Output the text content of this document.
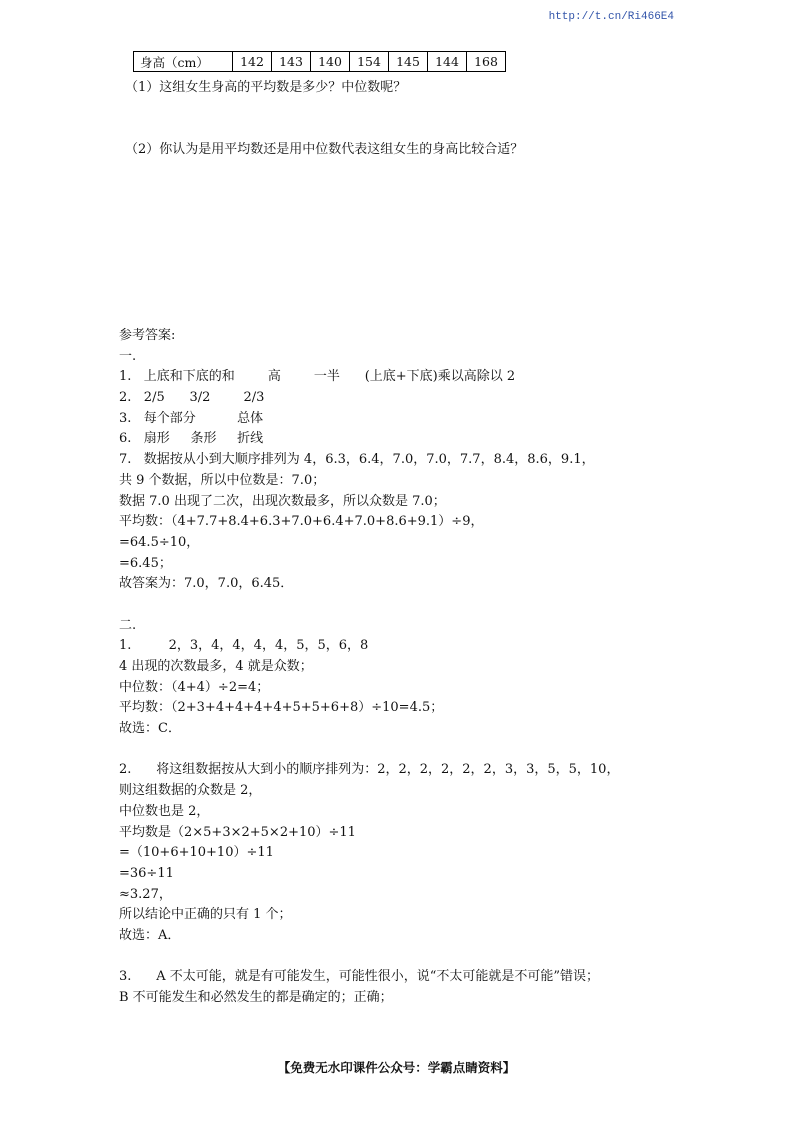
http://t.cn/Ri466E4
身高（cm）	142	143	140	154	145	144	168
（1）这组女生身高的平均数是多少？中位数呢？
（2）你认为是用平均数还是用中位数代表这组女生的身高比较合适？
参考答案:
一.
1.   上底和下底的和        高        一半      (上底+下底)乘以高除以 2
2.   2/5      3/2        2/3
3.   每个部分          总体
6.   扇形     条形     折线
7.   数据按从小到大顺序排列为 4，6.3，6.4，7.0，7.0，7.7，8.4，8.6，9.1，
共 9 个数据，所以中位数是：7.0；
数据 7.0 出现了二次，出现次数最多，所以众数是 7.0；
平均数：（4+7.7+8.4+6.3+7.0+6.4+7.0+8.6+9.1）÷9，
=64.5÷10，
=6.45；
故答案为：7.0，7.0，6.45．
二.
1.         2，3，4，4，4，4，5，5，6，8
4 出现的次数最多，4 就是众数；
中位数：（4+4）÷2=4；
平均数：（2+3+4+4+4+4+5+5+6+8）÷10=4.5；
故选：C．
2.      将这组数据按从大到小的顺序排列为：2，2，2，2，2，2，3，3，5，5，10，
则这组数据的众数是 2，
中位数也是 2，
平均数是（2×5+3×2+5×2+10）÷11
=（10+6+10+10）÷11
=36÷11
≈3.27，
所以结论中正确的只有 1 个；
故选：A．
3.      A 不太可能，就是有可能发生，可能性很小，说“不太可能就是不可能”错误；
B 不可能发生和必然发生的都是确定的；正确；
【免费无水印课件公众号：学霸点睛资料】
